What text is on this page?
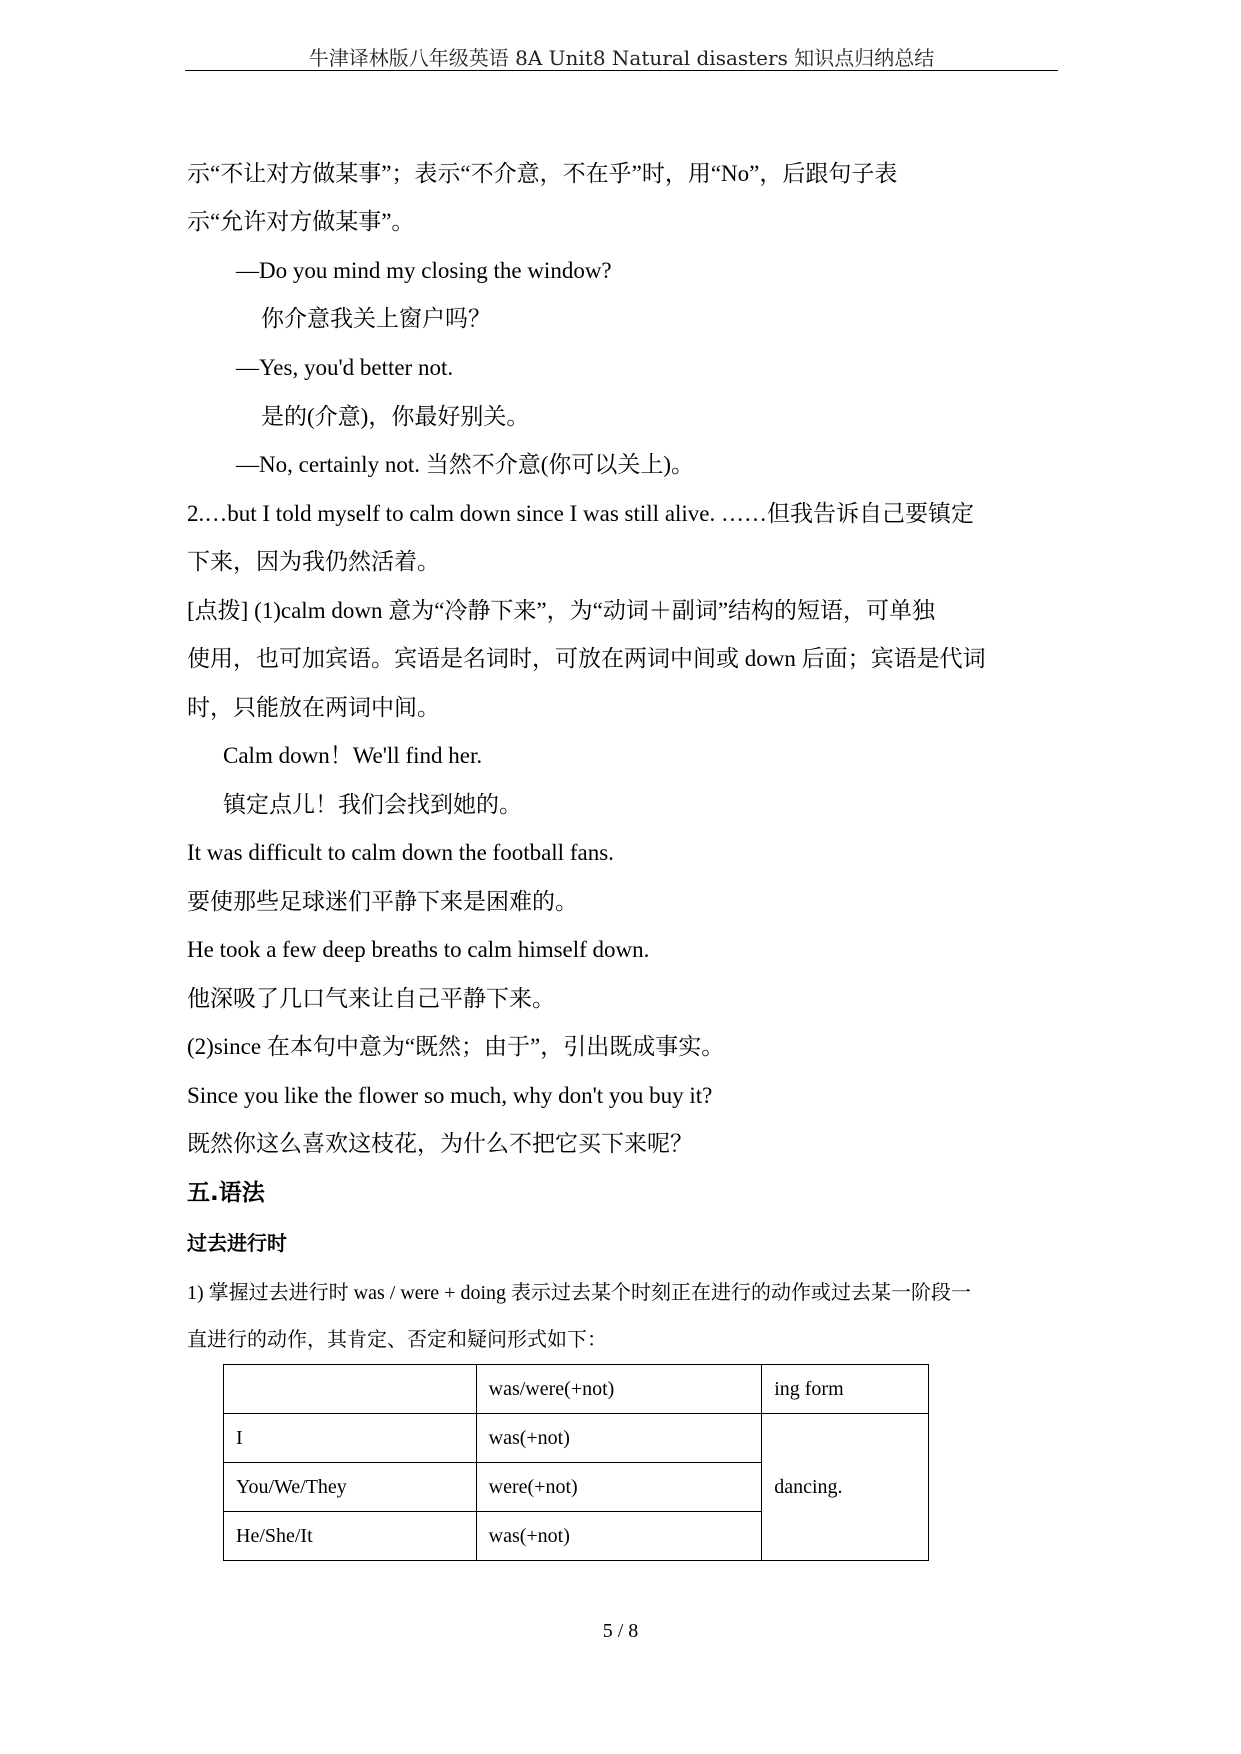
牛津译林版八年级英语 8A Unit8 Natural disasters 知识点归纳总结
示“不让对方做某事”；表示“不介意，不在乎”时，用“No”，后跟句子表
示“允许对方做某事”。
—Do you mind my closing the window?
你介意我关上窗户吗？
—Yes, you'd better not.
是的(介意)，你最好别关。
—No, certainly not. 当然不介意(你可以关上)。
2.…but I told myself to calm down since I was still alive. ……但我告诉自己要镇定
下来，因为我仍然活着。
[点拨] (1)calm down 意为“冷静下来”，为“动词＋副词”结构的短语，可单独
使用，也可加宾语。宾语是名词时，可放在两词中间或 down 后面；宾语是代词
时，只能放在两词中间。
Calm down！We'll find her.
镇定点儿！我们会找到她的。
It was difficult to calm down the football fans.
要使那些足球迷们平静下来是困难的。
He took a few deep breaths to calm himself down.
他深吸了几口气来让自己平静下来。
(2)since 在本句中意为“既然；由于”，引出既成事实。
Since you like the flower so much, why don't you buy it?
既然你这么喜欢这枝花，为什么不把它买下来呢？
五.语法
过去进行时
1) 掌握过去进行时 was / were + doing 表示过去某个时刻正在进行的动作或过去某一阶段一
直进行的动作，其肯定、否定和疑问形式如下：
	was/were(+not)	ing form
I	was(+not)	dancing.
You/We/They	were(+not)	
He/She/It	was(+not)	
5 / 8
